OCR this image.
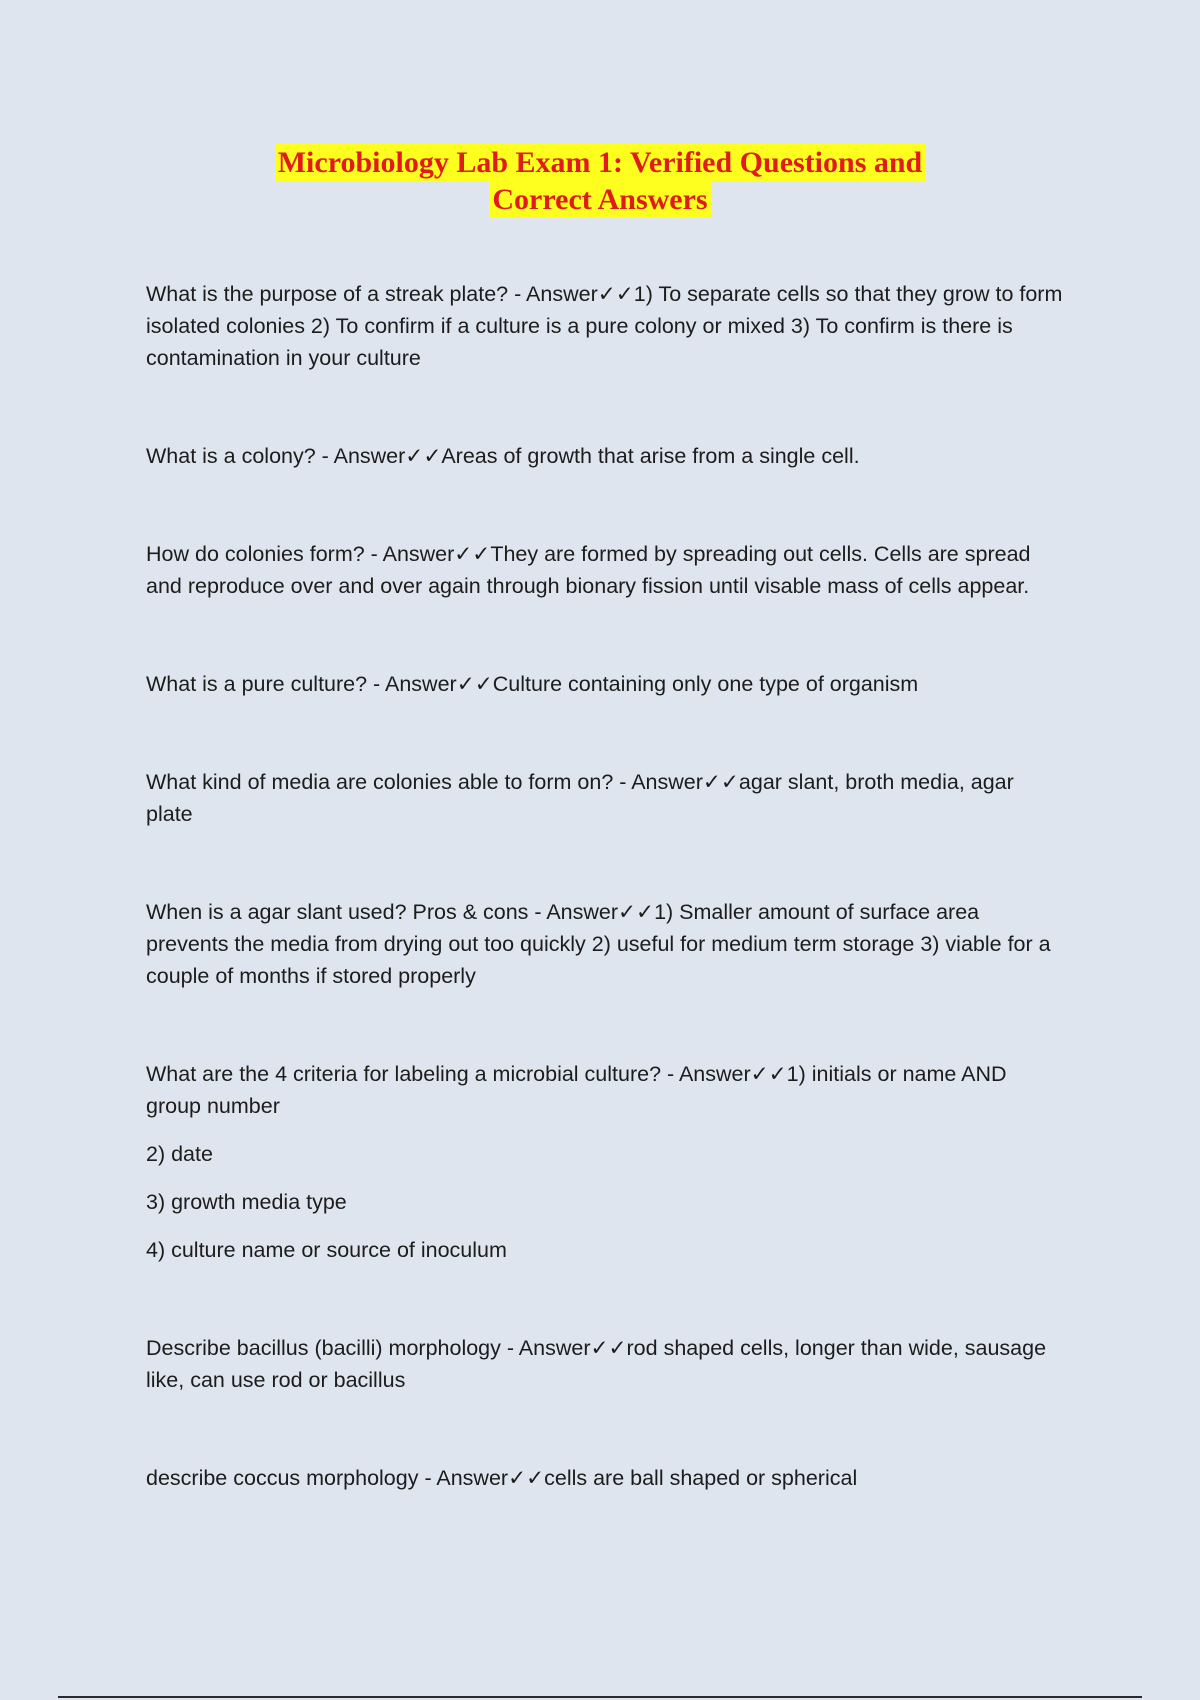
Microbiology Lab Exam 1: Verified Questions and
Correct Answers

What is the purpose of a streak plate? - Answer✓✓1) To separate cells so that they grow to form isolated colonies 2) To confirm if a culture is a pure colony or mixed 3) To confirm is there is contamination in your culture

What is a colony? - Answer✓✓Areas of growth that arise from a single cell.

How do colonies form? - Answer✓✓They are formed by spreading out cells. Cells are spread and reproduce over and over again through bionary fission until visable mass of cells appear.

What is a pure culture? - Answer✓✓Culture containing only one type of organism

What kind of media are colonies able to form on? - Answer✓✓agar slant, broth media, agar plate

When is a agar slant used? Pros & cons - Answer✓✓1) Smaller amount of surface area prevents the media from drying out too quickly 2) useful for medium term storage 3) viable for a couple of months if stored properly

What are the 4 criteria for labeling a microbial culture? - Answer✓✓1) initials or name AND group number

2) date

3) growth media type

4) culture name or source of inoculum

Describe bacillus (bacilli) morphology - Answer✓✓rod shaped cells, longer than wide, sausage like, can use rod or bacillus

describe coccus morphology - Answer✓✓cells are ball shaped or spherical
